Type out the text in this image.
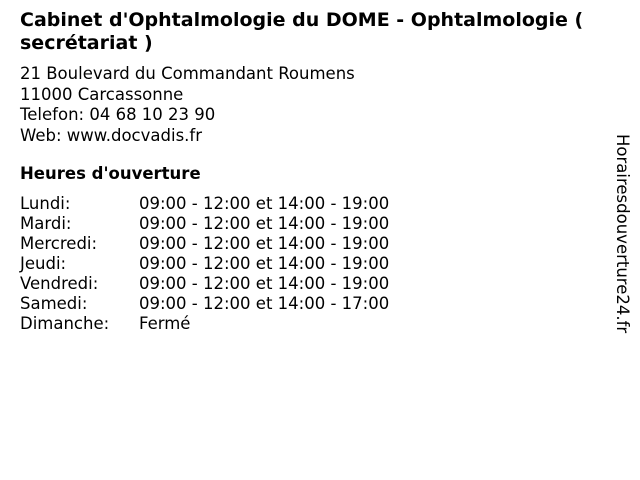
Cabinet d'Ophtalmologie du DOME - Ophtalmologie ( secrétariat )
21 Boulevard du Commandant Roumens
11000 Carcassonne
Telefon: 04 68 10 23 90
Web: www.docvadis.fr
Heures d'ouverture
Lundi:	09:00 - 12:00 et 14:00 - 19:00
Mardi:	09:00 - 12:00 et 14:00 - 19:00
Mercredi:	09:00 - 12:00 et 14:00 - 19:00
Jeudi:	09:00 - 12:00 et 14:00 - 19:00
Vendredi: 09:00 - 12:00 et 14:00 - 19:00
Samedi:	09:00 - 12:00 et 14:00 - 17:00
Dimanche: Fermé	Horairesdouverture24.fr
